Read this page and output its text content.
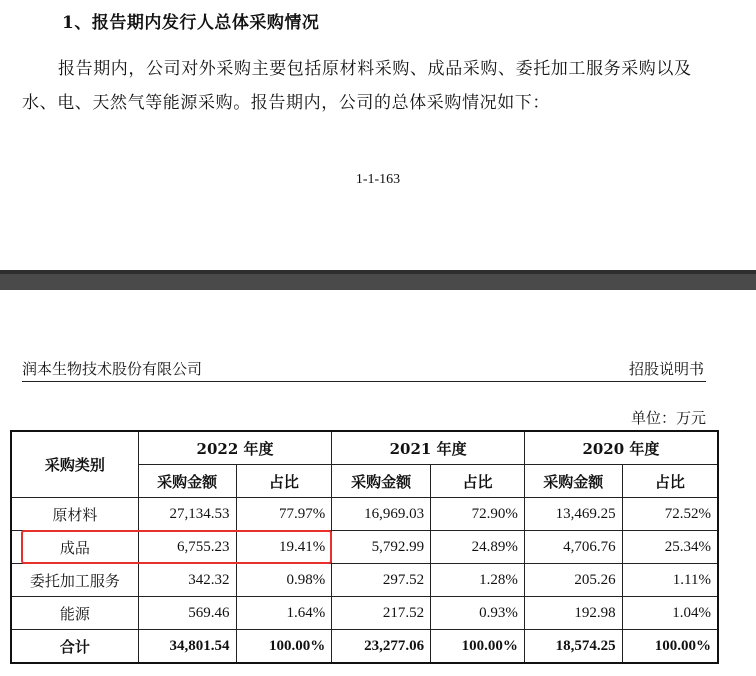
1、报告期内发行人总体采购情况
报告期内，公司对外采购主要包括原材料采购、成品采购、委托加工服务采购以及水、电、天然气等能源采购。报告期内，公司的总体采购情况如下：
1-1-163
润本生物技术股份有限公司	招股说明书
单位：万元
采购类别	2022 年度		2021 年度		2020 年度	
	采购金额	占比	采购金额	占比	采购金额	占比
原材料	27,134.53	77.97%	16,969.03	72.90%	13,469.25	72.52%
成品	6,755.23	19.41%	5,792.99	24.89%	4,706.76	25.34%
委托加工服务	342.32	0.98%	297.52	1.28%	205.26	1.11%
能源	569.46	1.64%	217.52	0.93%	192.98	1.04%
合计	34,801.54	100.00%	23,277.06	100.00%	18,574.25	100.00%
